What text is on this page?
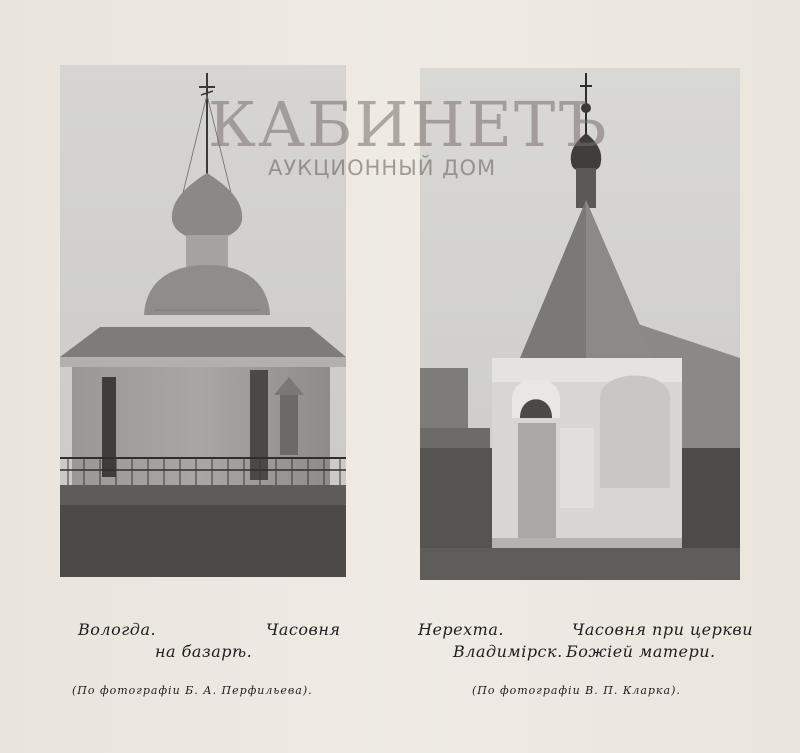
Вологда.	Часовня
на базарѣ.
(По фотографіи Б. А. Перфильева).
Нерехта.	Часовня при церкви
Владимірск. Божіей матери.
(По фотографіи В. П. Кларка).
КАБИНЕТЪ
АУКЦИОННЫЙ ДОМ
